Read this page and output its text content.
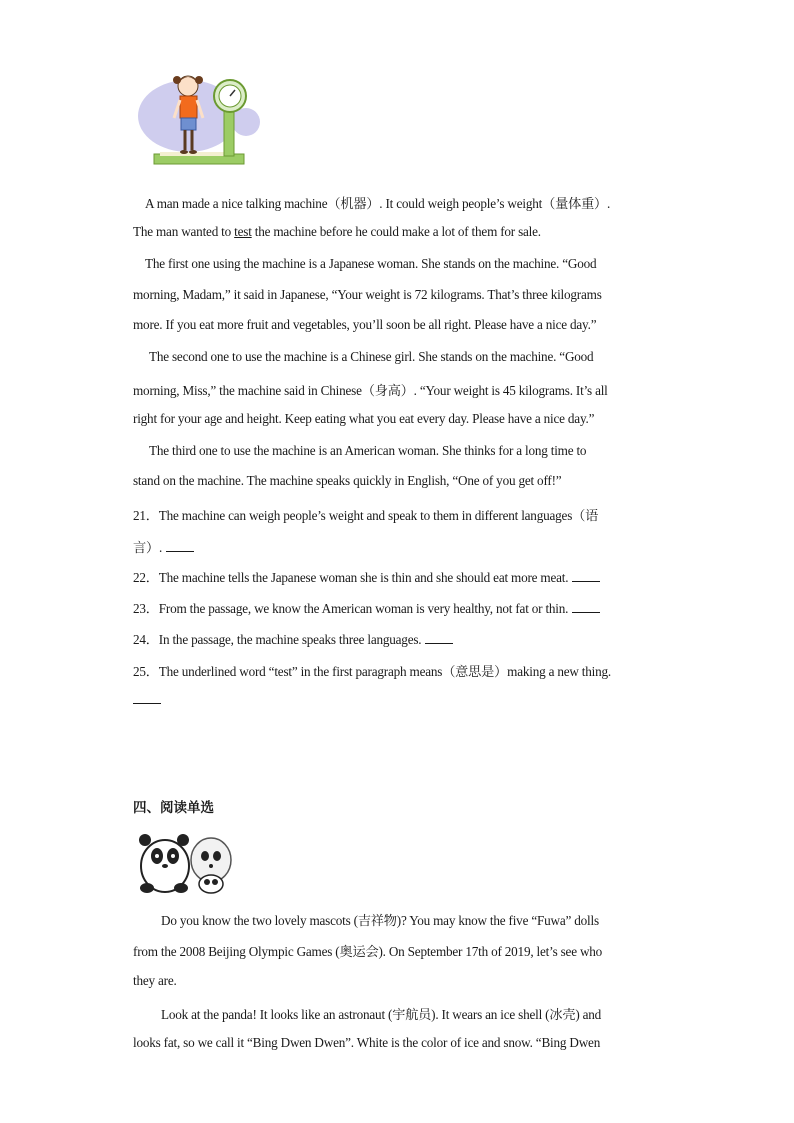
A man made a nice talking machine（机器）. It could weigh people’s weight（量体重）.
The man wanted to test the machine before he could make a lot of them for sale.
The first one using the machine is a Japanese woman. She stands on the machine. “Good
morning, Madam,” it said in Japanese, “Your weight is 72 kilograms. That’s three kilograms
more. If you eat more fruit and vegetables, you’ll soon be all right. Please have a nice day.”
The second one to use the machine is a Chinese girl. She stands on the machine. “Good
morning, Miss,” the machine said in Chinese（身高）. “Your weight is 45 kilograms. It’s all
right for your age and height. Keep eating what you eat every day. Please have a nice day.”
The third one to use the machine is an American woman. She thinks for a long time to
stand on the machine. The machine speaks quickly in English, “One of you get off!”
21．The machine can weigh people’s weight and speak to them in different languages（语
言）.
22．The machine tells the Japanese woman she is thin and she should eat more meat.
23．From the passage, we know the American woman is very healthy, not fat or thin.
24．In the passage, the machine speaks three languages.
25．The underlined word “test” in the first paragraph means（意思是）making a new thing.
四、阅读单选
Do you know the two lovely mascots (吉祥物)? You may know the five “Fuwa” dolls
from the 2008 Beijing Olympic Games (奥运会). On September 17th of 2019, let’s see who
they are.
Look at the panda! It looks like an astronaut (宇航员). It wears an ice shell (冰壳) and
looks fat, so we call it “Bing Dwen Dwen”. White is the color of ice and snow. “Bing Dwen
